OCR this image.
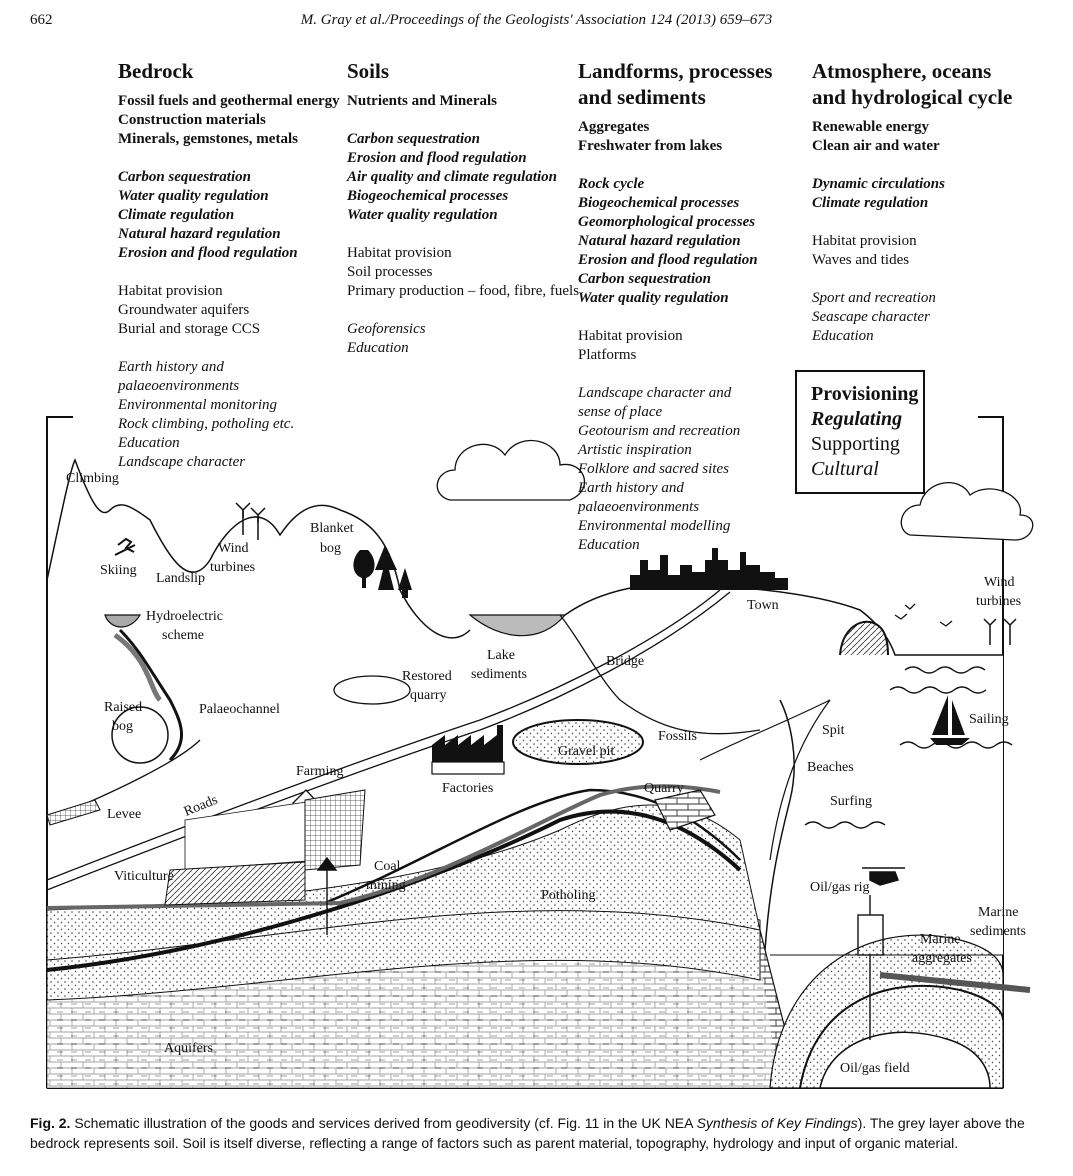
662	M. Gray et al./Proceedings of the Geologists' Association 124 (2013) 659–673
Climbing
Skiing
Landslip
Wind
turbines
Blanket
bog
Hydroelectric
scheme
Lake
sediments
Town
Wind
turbines
Restored
quarry
Bridge
Raised
bog
Palaeochannel
Gravel pit
Fossils
Factories
Farming
Spit
Sailing
Beaches
Quarry
Levee	Roads	Surfing
Coal
mining
Viticulture
Potholing
Oil/gas rig
Marine
sediments
Marine
aggregates
Aquifers
Oil/gas field
Bedrock
Fossil fuels and geothermal energy
Construction materials
Minerals, gemstones, metals
Carbon sequestration
Water quality regulation
Climate regulation
Natural hazard regulation
Erosion and flood regulation
Habitat provision
Groundwater aquifers
Burial and storage CCS
Earth history and
palaeoenvironments
Environmental monitoring
Rock climbing, potholing etc.
Education
Landscape character
Soils
Nutrients and Minerals
Carbon sequestration
Erosion and flood regulation
Air quality and climate regulation
Biogeochemical processes
Water quality regulation
Habitat provision
Soil processes
Primary production – food, fibre, fuels
Geoforensics
Education
Landforms, processes
and sediments
Aggregates
Freshwater from lakes
Rock cycle
Biogeochemical processes
Geomorphological processes
Natural hazard regulation
Erosion and flood regulation
Carbon sequestration
Water quality regulation
Habitat provision
Platforms
Landscape character and
sense of place
Geotourism and recreation
Artistic inspiration
Folklore and sacred sites
Earth history and
palaeoenvironments
Environmental modelling
Education
Atmosphere, oceans
and hydrological cycle
Renewable energy
Clean air and water
Dynamic circulations
Climate regulation
Habitat provision
Waves and tides
Sport and recreation
Seascape character
Education
Provisioning
Regulating
Supporting
Cultural
Fig. 2. Schematic illustration of the goods and services derived from geodiversity (cf. Fig. 11 in the UK NEA Synthesis of Key Findings). The grey layer above the bedrock represents soil. Soil is itself diverse, reflecting a range of factors such as parent material, topography, hydrology and input of organic material.
